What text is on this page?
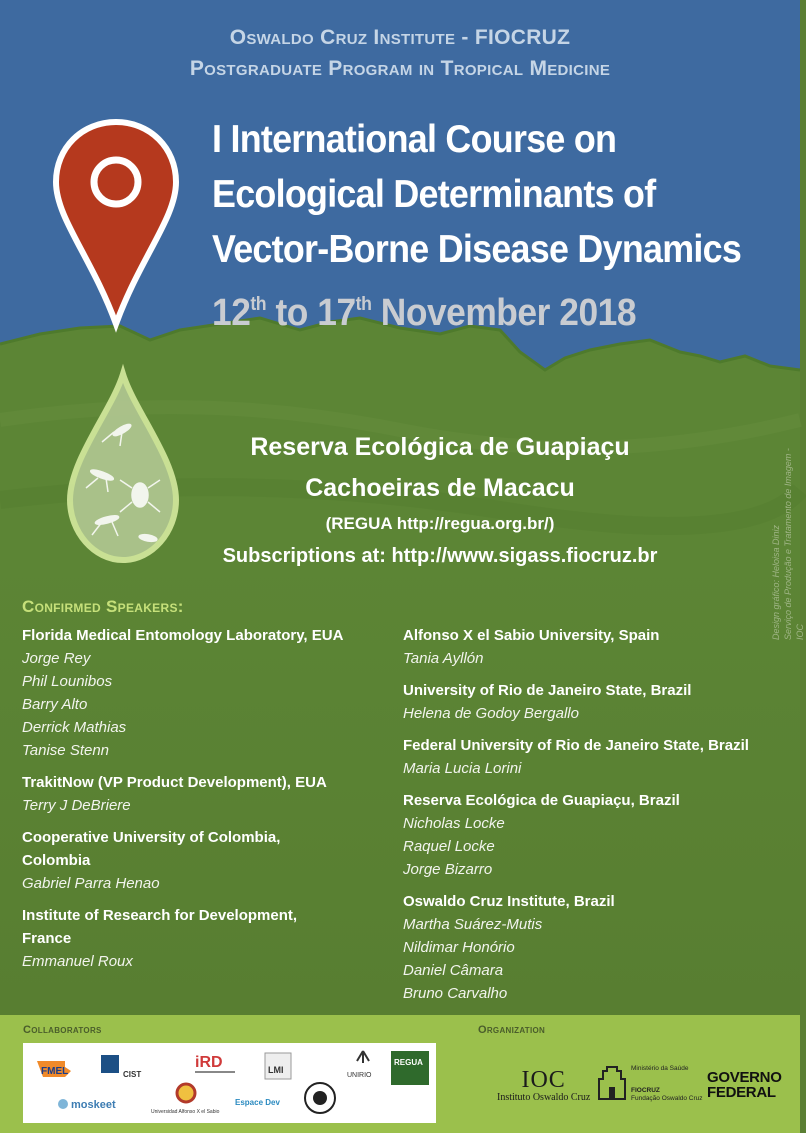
Oswaldo Cruz Institute - FIOCRUZ
Postgraduate Program in Tropical Medicine
I International Course on
Ecological Determinants of
Vector-Borne Disease Dynamics
12th to 17th November 2018
Reserva Ecológica de Guapiaçu
Cachoeiras de Macacu
(REGUA http://regua.org.br/)
Subscriptions at: http://www.sigass.fiocruz.br	Design gráfico: Heloisa Diniz Serviço de Produção e Tratamento de Imagem - IOC
Confirmed Speakers:
Florida Medical Entomology Laboratory, EUA
Jorge Rey
Phil Lounibos
Barry Alto
Derrick Mathias
Tanise Stenn
TrakitNow (VP Product Development), EUA
Terry J DeBriere
Cooperative University of Colombia,
Colombia
Gabriel Parra Henao
Institute of Research for Development,
France
Emmanuel Roux
Alfonso X el Sabio University, Spain
Tania Ayllón
University of Rio de Janeiro State, Brazil
Helena de Godoy Bergallo
Federal University of Rio de Janeiro State, Brazil
Maria Lucia Lorini
Reserva Ecológica de Guapiaçu, Brazil
Nicholas Locke
Raquel Locke
Jorge Bizarro
Oswaldo Cruz Institute, Brazil
Martha Suárez-Mutis
Nildimar Honório
Daniel Câmara
Bruno Carvalho
Collaborators	Organization
FMEL	CIST
iRD	LMI
UNIRIO
REGUA
moskeet
Universidad Alfonso X el Sabio
Espace Dev
IOC
Instituto Oswaldo Cruz
Ministério da Saúde
FIOCRUZ
Fundação Oswaldo Cruz
GOVERNO
FEDERAL
